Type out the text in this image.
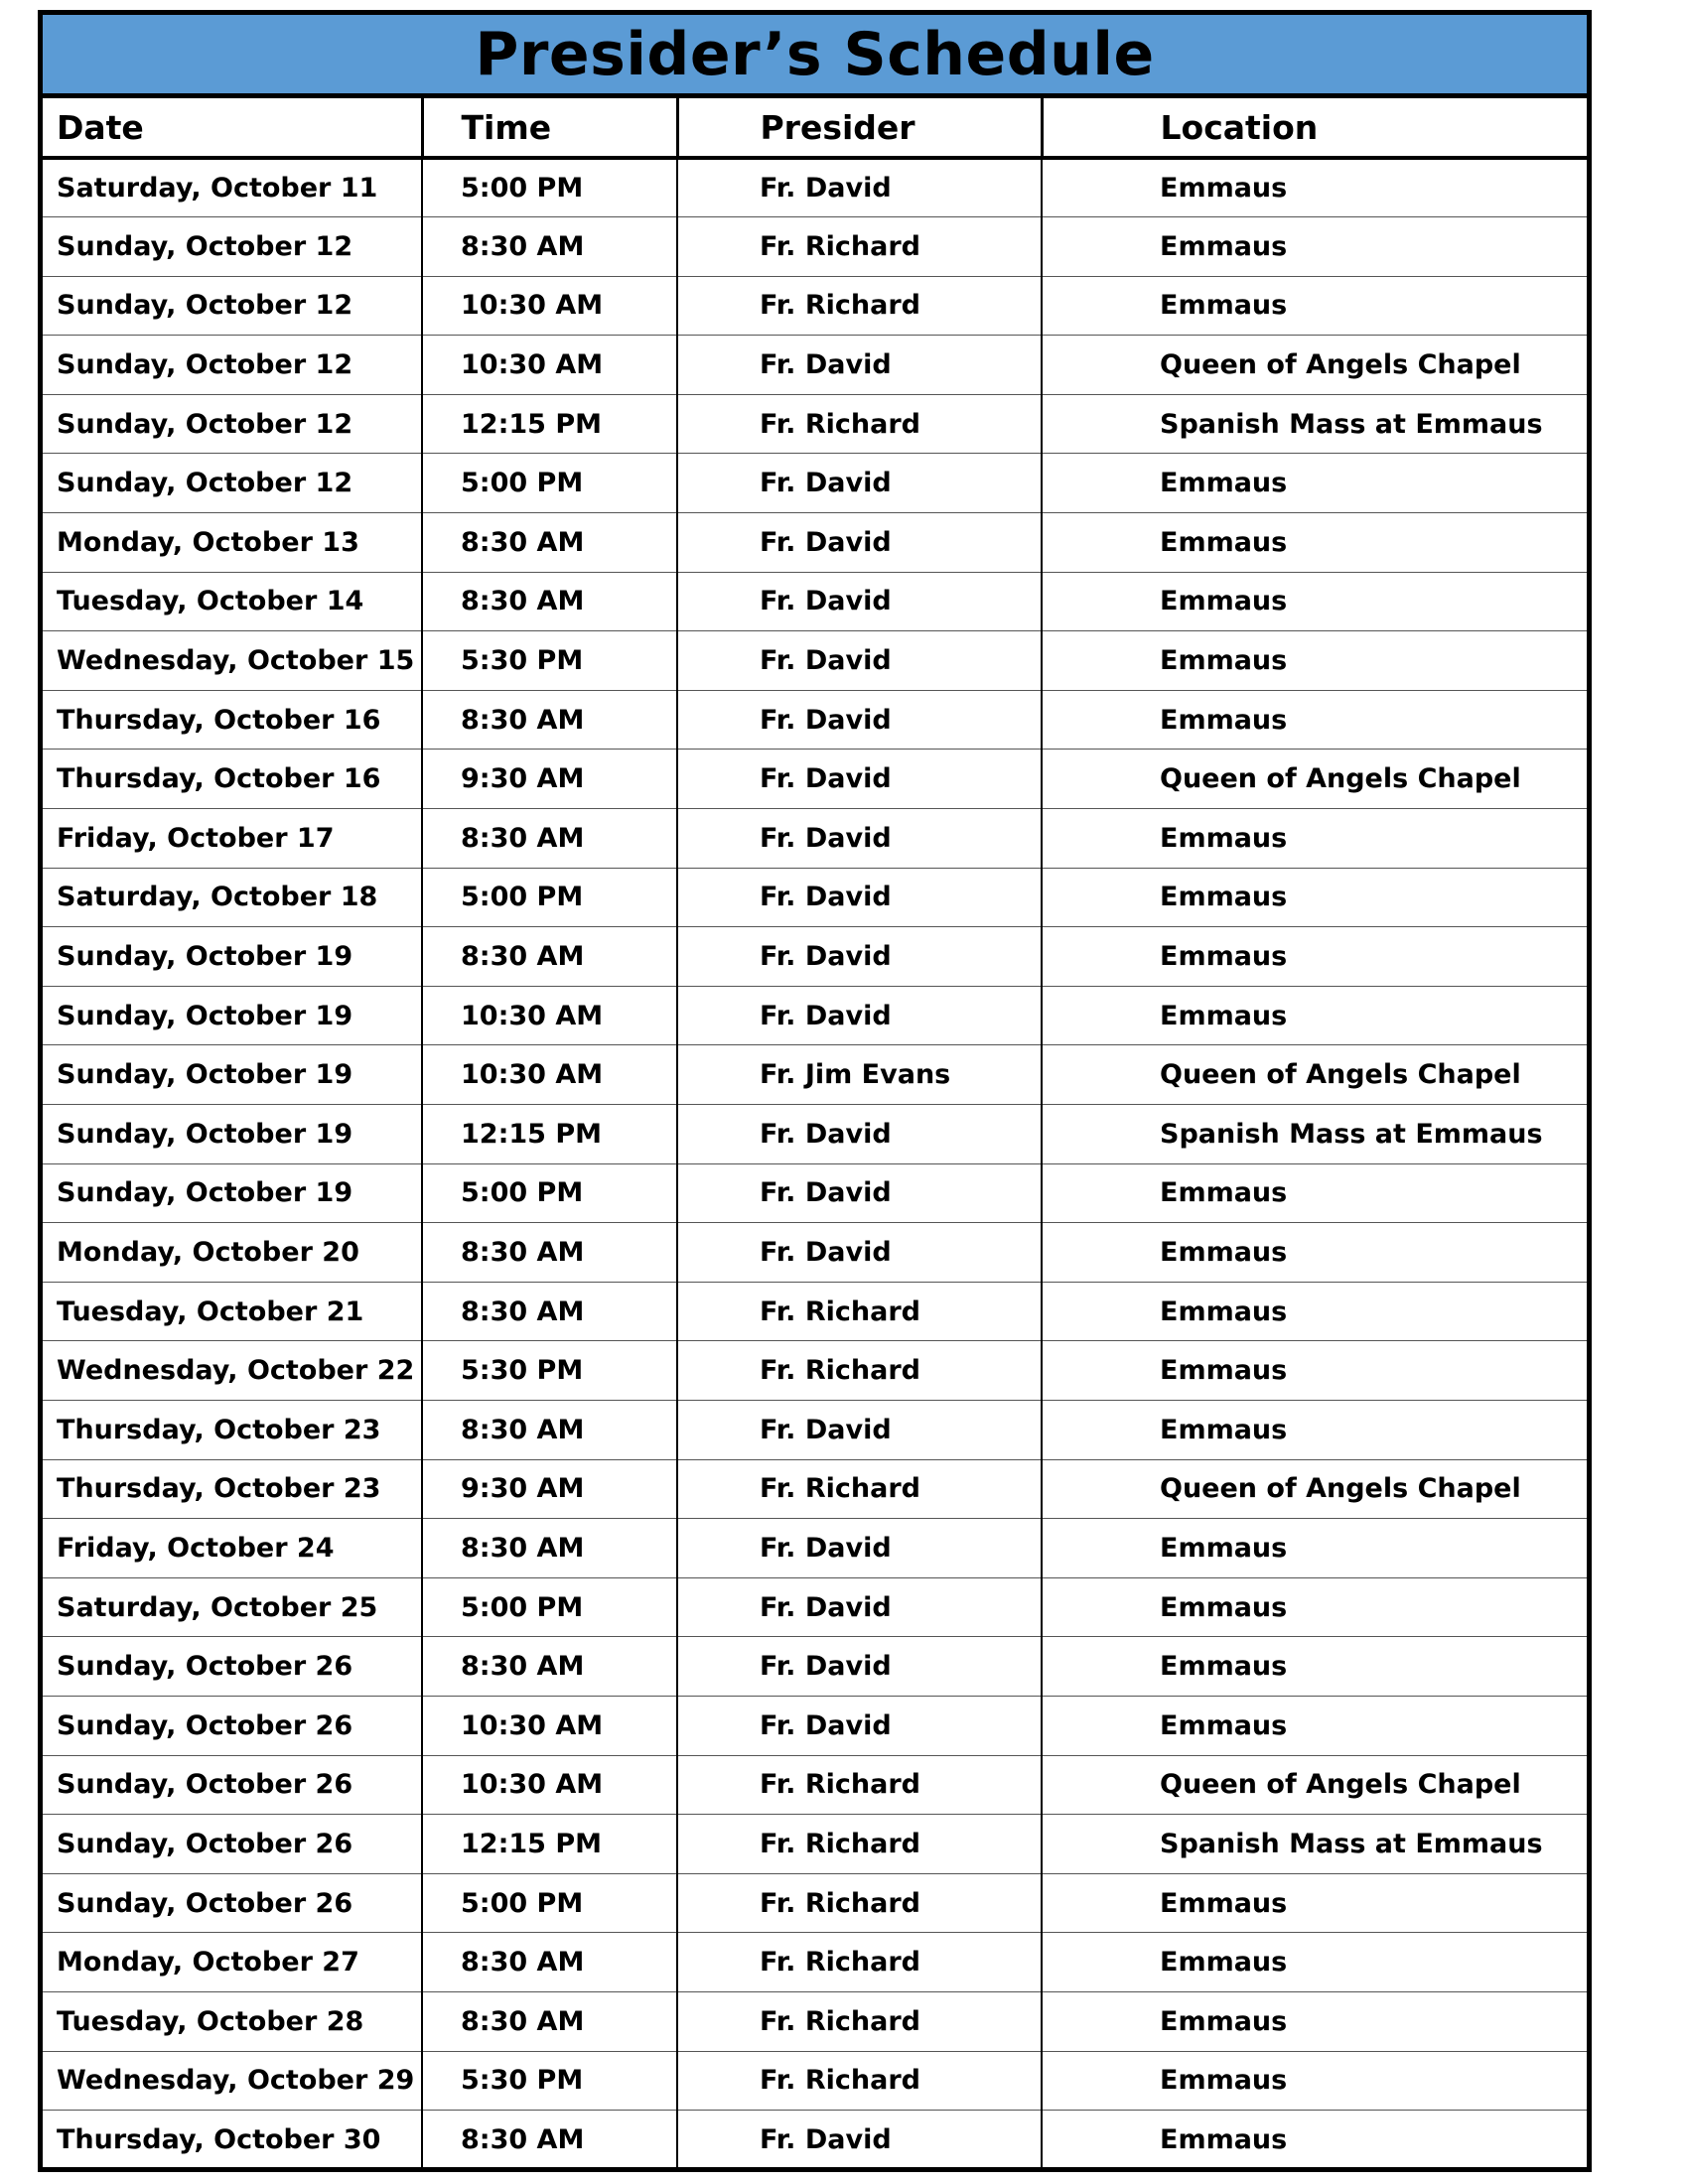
Presider’s Schedule
Date	Time	Presider	Location
Saturday, October 11	5:00 PM	Fr. David	Emmaus
Sunday, October 12	8:30 AM	Fr. Richard	Emmaus
Sunday, October 12	10:30 AM	Fr. Richard	Emmaus
Sunday, October 12	10:30 AM	Fr. David	Queen of Angels Chapel
Sunday, October 12	12:15 PM	Fr. Richard	Spanish Mass at Emmaus
Sunday, October 12	5:00 PM	Fr. David	Emmaus
Monday, October 13	8:30 AM	Fr. David	Emmaus
Tuesday, October 14	8:30 AM	Fr. David	Emmaus
Wednesday, October 15	5:30 PM	Fr. David	Emmaus
Thursday, October 16	8:30 AM	Fr. David	Emmaus
Thursday, October 16	9:30 AM	Fr. David	Queen of Angels Chapel
Friday, October 17	8:30 AM	Fr. David	Emmaus
Saturday, October 18	5:00 PM	Fr. David	Emmaus
Sunday, October 19	8:30 AM	Fr. David	Emmaus
Sunday, October 19	10:30 AM	Fr. David	Emmaus
Sunday, October 19	10:30 AM	Fr. Jim Evans	Queen of Angels Chapel
Sunday, October 19	12:15 PM	Fr. David	Spanish Mass at Emmaus
Sunday, October 19	5:00 PM	Fr. David	Emmaus
Monday, October 20	8:30 AM	Fr. David	Emmaus
Tuesday, October 21	8:30 AM	Fr. Richard	Emmaus
Wednesday, October 22	5:30 PM	Fr. Richard	Emmaus
Thursday, October 23	8:30 AM	Fr. David	Emmaus
Thursday, October 23	9:30 AM	Fr. Richard	Queen of Angels Chapel
Friday, October 24	8:30 AM	Fr. David	Emmaus
Saturday, October 25	5:00 PM	Fr. David	Emmaus
Sunday, October 26	8:30 AM	Fr. David	Emmaus
Sunday, October 26	10:30 AM	Fr. David	Emmaus
Sunday, October 26	10:30 AM	Fr. Richard	Queen of Angels Chapel
Sunday, October 26	12:15 PM	Fr. Richard	Spanish Mass at Emmaus
Sunday, October 26	5:00 PM	Fr. Richard	Emmaus
Monday, October 27	8:30 AM	Fr. Richard	Emmaus
Tuesday, October 28	8:30 AM	Fr. Richard	Emmaus
Wednesday, October 29	5:30 PM	Fr. Richard	Emmaus
Thursday, October 30	8:30 AM	Fr. David	Emmaus
